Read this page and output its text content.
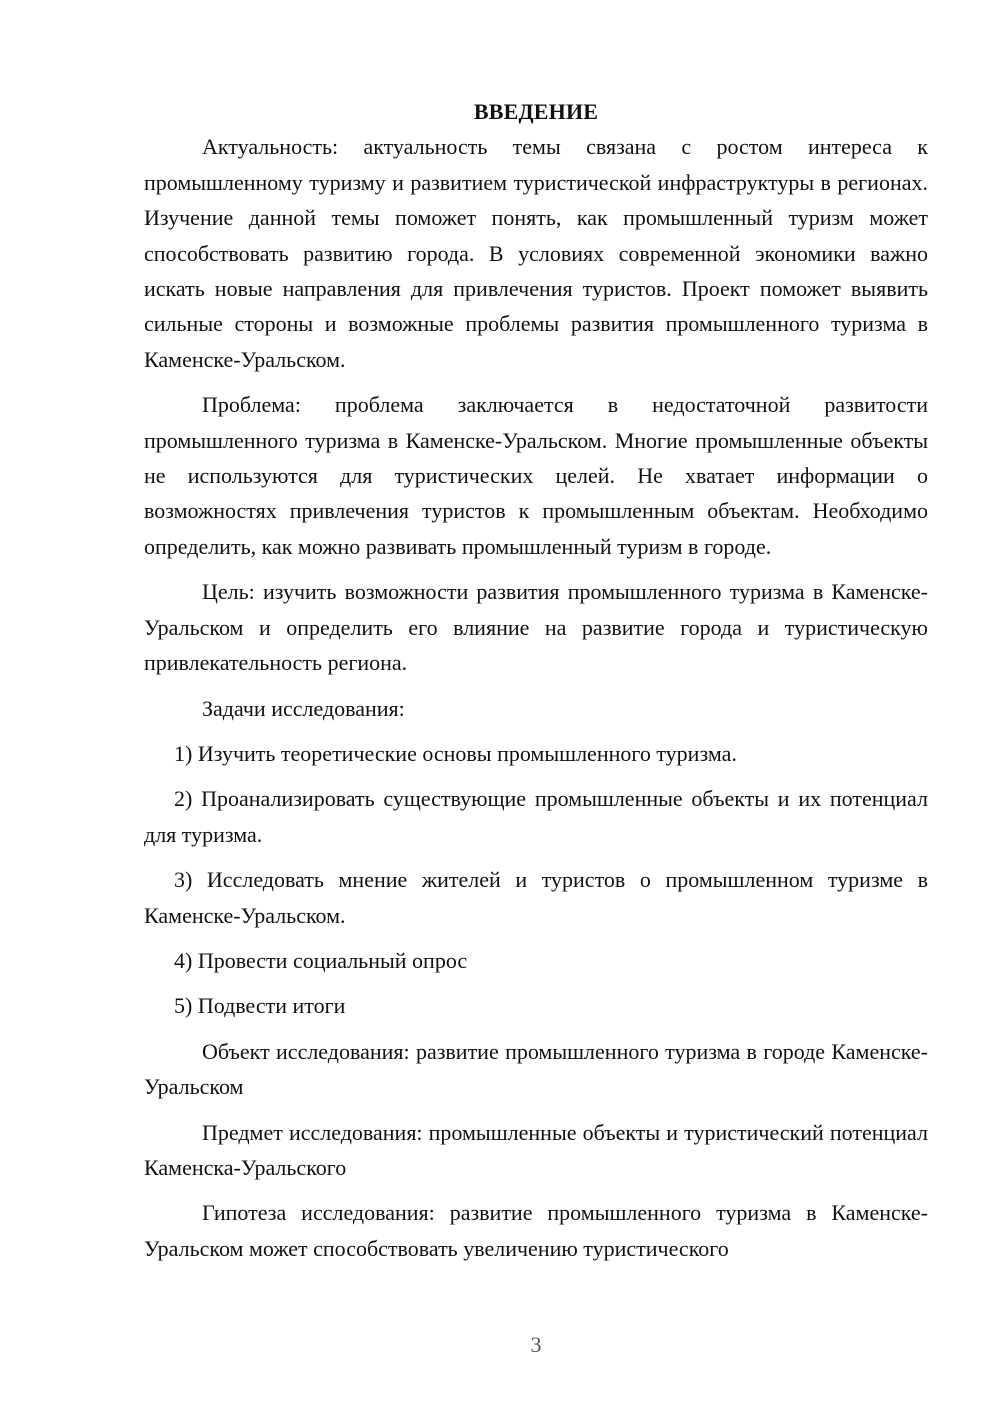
ВВЕДЕНИЕ

Актуальность: актуальность темы связана с ростом интереса к промышленному туризму и развитием туристической инфраструктуры в регионах. Изучение данной темы поможет понять, как промышленный туризм может способствовать развитию города. В условиях современной экономики важно искать новые направления для привлечения туристов. Проект поможет выявить сильные стороны и возможные проблемы развития промышленного туризма в Каменске-Уральском.

Проблема: проблема заключается в недостаточной развитости промышленного туризма в Каменске-Уральском. Многие промышленные объекты не используются для туристических целей. Не хватает информации о возможностях привлечения туристов к промышленным объектам. Необходимо определить, как можно развивать промышленный туризм в городе.

Цель: изучить возможности развития промышленного туризма в Каменске-Уральском и определить его влияние на развитие города и туристическую привлекательность региона.

Задачи исследования:

1) Изучить теоретические основы промышленного туризма.

2) Проанализировать существующие промышленные объекты и их потенциал для туризма.

3) Исследовать мнение жителей и туристов о промышленном туризме в Каменске-Уральском.

4) Провести социальный опрос

5) Подвести итоги

Объект исследования: развитие промышленного туризма в городе Каменске-Уральском

Предмет исследования: промышленные объекты и туристический потенциал Каменска-Уральского

Гипотеза исследования: развитие промышленного туризма в Каменске-Уральском может способствовать увеличению туристического

3
